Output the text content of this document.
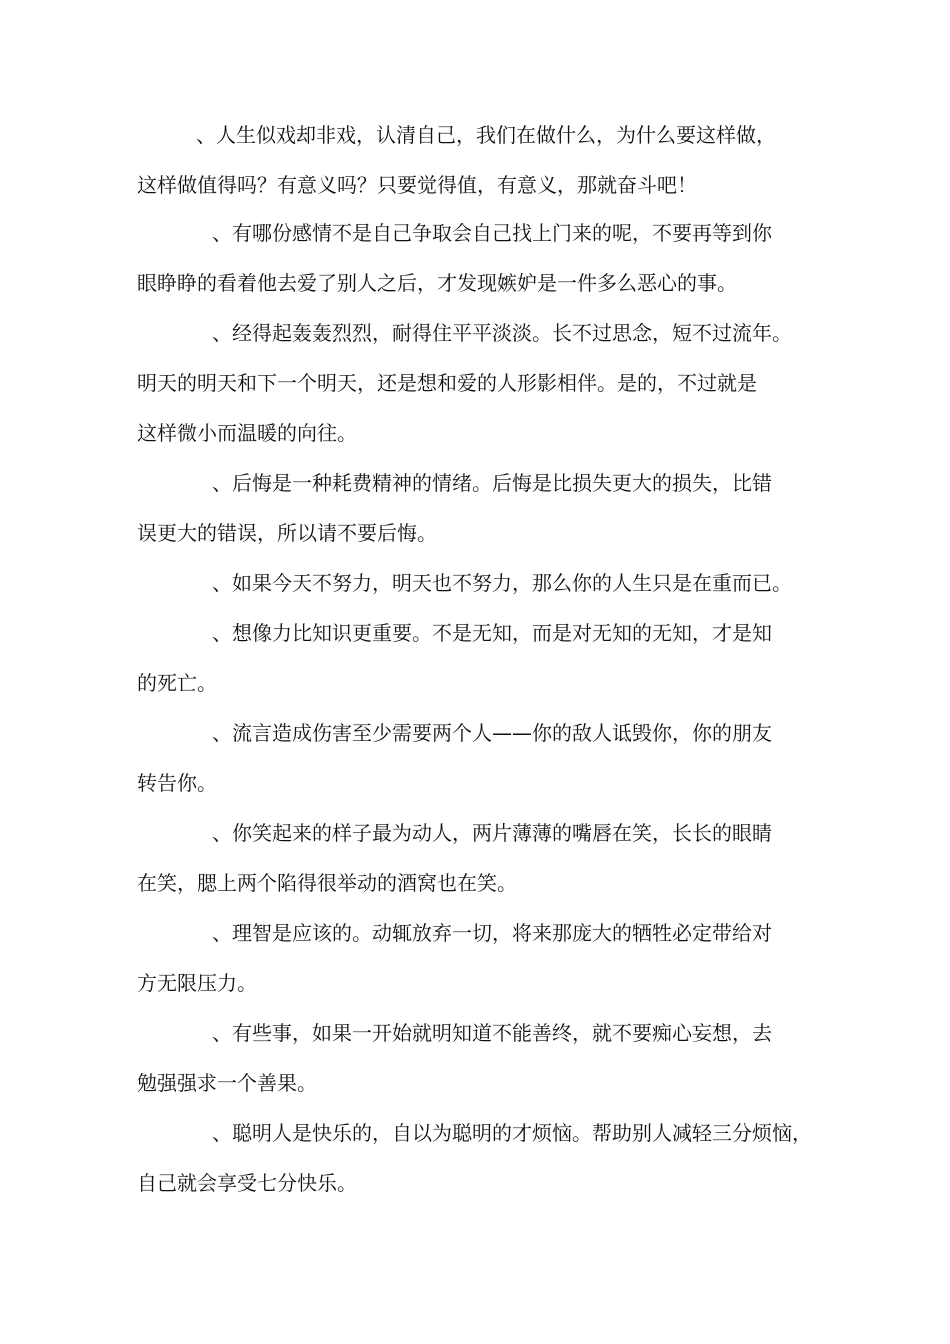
、人生似戏却非戏，认清自己，我们在做什么，为什么要这样做，

这样做值得吗？有意义吗？只要觉得值，有意义，那就奋斗吧！

、有哪份感情不是自己争取会自己找上门来的呢，不要再等到你

眼睁睁的看着他去爱了别人之后，才发现嫉妒是一件多么恶心的事。

、经得起轰轰烈烈，耐得住平平淡淡。长不过思念，短不过流年。

明天的明天和下一个明天，还是想和爱的人形影相伴。是的，不过就是

这样微小而温暖的向往。

、后悔是一种耗费精神的情绪。后悔是比损失更大的损失，比错

误更大的错误，所以请不要后悔。

、如果今天不努力，明天也不努力，那么你的人生只是在重而已。

、想像力比知识更重要。不是无知，而是对无知的无知，才是知

的死亡。

、流言造成伤害至少需要两个人——你的敌人诋毁你，你的朋友

转告你。

、你笑起来的样子最为动人，两片薄薄的嘴唇在笑，长长的眼睛

在笑，腮上两个陷得很举动的酒窝也在笑。

、理智是应该的。动辄放弃一切，将来那庞大的牺牲必定带给对

方无限压力。

、有些事，如果一开始就明知道不能善终，就不要痴心妄想，去

勉强强求一个善果。

、聪明人是快乐的，自以为聪明的才烦恼。帮助别人减轻三分烦恼，

自己就会享受七分快乐。
